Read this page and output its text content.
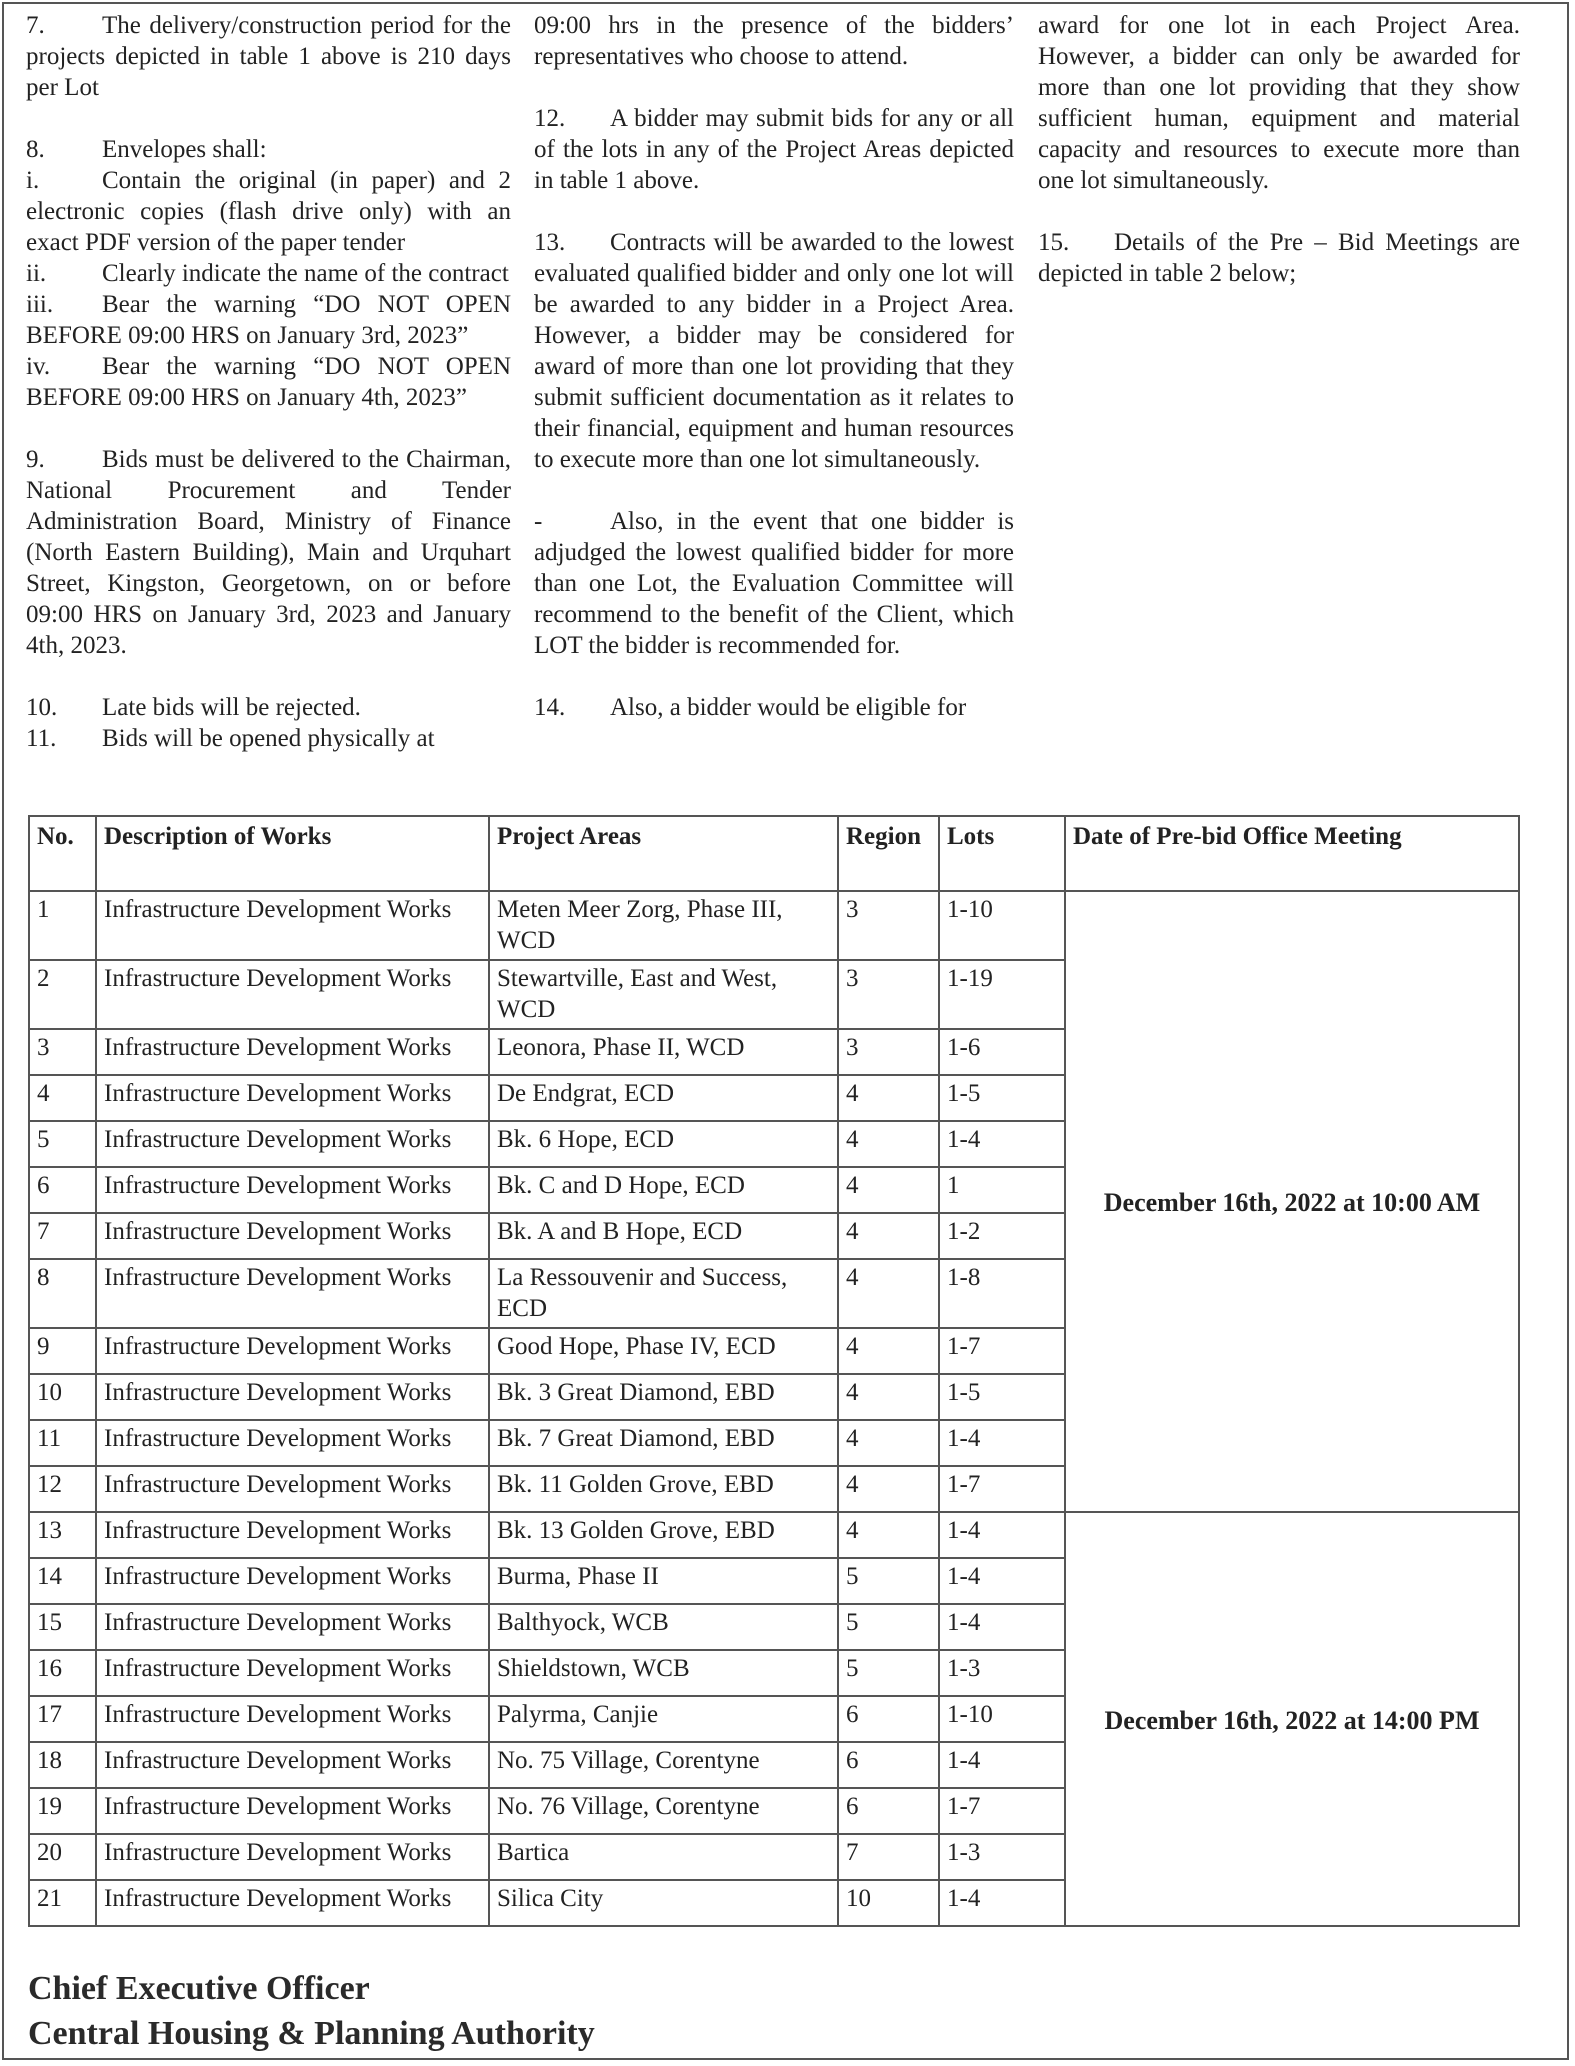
7. The delivery/construction period for the projects depicted in table 1 above is 210 days per Lot

8. Envelopes shall:

i.	Contain the original (in paper) and 2 electronic copies (flash drive only) with an exact PDF version of the paper tender

ii. Clearly indicate the name of the contract

iii. Bear the warning “DO NOT OPEN BEFORE 09:00 HRS on January 3rd, 2023”

iv. Bear the warning “DO NOT OPEN BEFORE 09:00 HRS on January 4th, 2023”

9. Bids must be delivered to the Chairman, National Procurement and Tender Administration Board, Ministry of Finance (North Eastern Building), Main and Urquhart Street, Kingston, Georgetown, on or before 09:00 HRS on January 3rd, 2023 and January 4th, 2023.

10. Late bids will be rejected.

11. Bids will be opened physically at

09:00 hrs in the presence of the bidders’ representatives who choose to attend.

12. A bidder may submit bids for any or all of the lots in any of the Project Areas depicted in table 1 above.

13. Contracts will be awarded to the lowest evaluated qualified bidder and only one lot will be awarded to any bidder in a Project Area. However, a bidder may be considered for award of more than one lot providing that they submit sufficient documentation as it relates to their financial, equipment and human resources to execute more than one lot simultaneously.

-	Also, in the event that one bidder is adjudged the lowest qualified bidder for more than one Lot, the Evaluation Committee will recommend to the benefit of the Client, which LOT the bidder is recommended for.

14. Also, a bidder would be eligible for

award for one lot in each Project Area. However, a bidder can only be awarded for more than one lot providing that they show sufficient human, equipment and material capacity and resources to execute more than one lot simultaneously.

15. Details of the Pre – Bid Meetings are depicted in table 2 below;

No.	Description of Works	Project Areas	Region	Lots	Date of Pre-bid Office Meeting
1	Infrastructure Development Works	Meten Meer Zorg, Phase III, WCD	3	1-10	December 16th, 2022 at 10:00 AM
2	Infrastructure Development Works	Stewartville, East and West, WCD	3	1-19	
3	Infrastructure Development Works	Leonora, Phase II, WCD	3	1-6	
4	Infrastructure Development Works	De Endgrat, ECD	4	1-5	
5	Infrastructure Development Works	Bk. 6 Hope, ECD	4	1-4	
6	Infrastructure Development Works	Bk. C and D Hope, ECD	4	1	
7	Infrastructure Development Works	Bk. A and B Hope, ECD	4	1-2	
8	Infrastructure Development Works	La Ressouvenir and Success, ECD	4	1-8	
9	Infrastructure Development Works	Good Hope, Phase IV, ECD	4	1-7	
10	Infrastructure Development Works	Bk. 3 Great Diamond, EBD	4	1-5	
11	Infrastructure Development Works	Bk. 7 Great Diamond, EBD	4	1-4	
12	Infrastructure Development Works	Bk. 11 Golden Grove, EBD	4	1-7	
13	Infrastructure Development Works	Bk. 13 Golden Grove, EBD	4	1-4	December 16th, 2022 at 14:00 PM
14	Infrastructure Development Works	Burma, Phase II	5	1-4	
15	Infrastructure Development Works	Balthyock, WCB	5	1-4	
16	Infrastructure Development Works	Shieldstown, WCB	5	1-3	
17	Infrastructure Development Works	Palyrma, Canjie	6	1-10	
18	Infrastructure Development Works	No. 75 Village, Corentyne	6	1-4	
19	Infrastructure Development Works	No. 76 Village, Corentyne	6	1-7	
20	Infrastructure Development Works	Bartica	7	1-3	
21	Infrastructure Development Works	Silica City	10	1-4	
Chief Executive Officer
Central Housing & Planning Authority
